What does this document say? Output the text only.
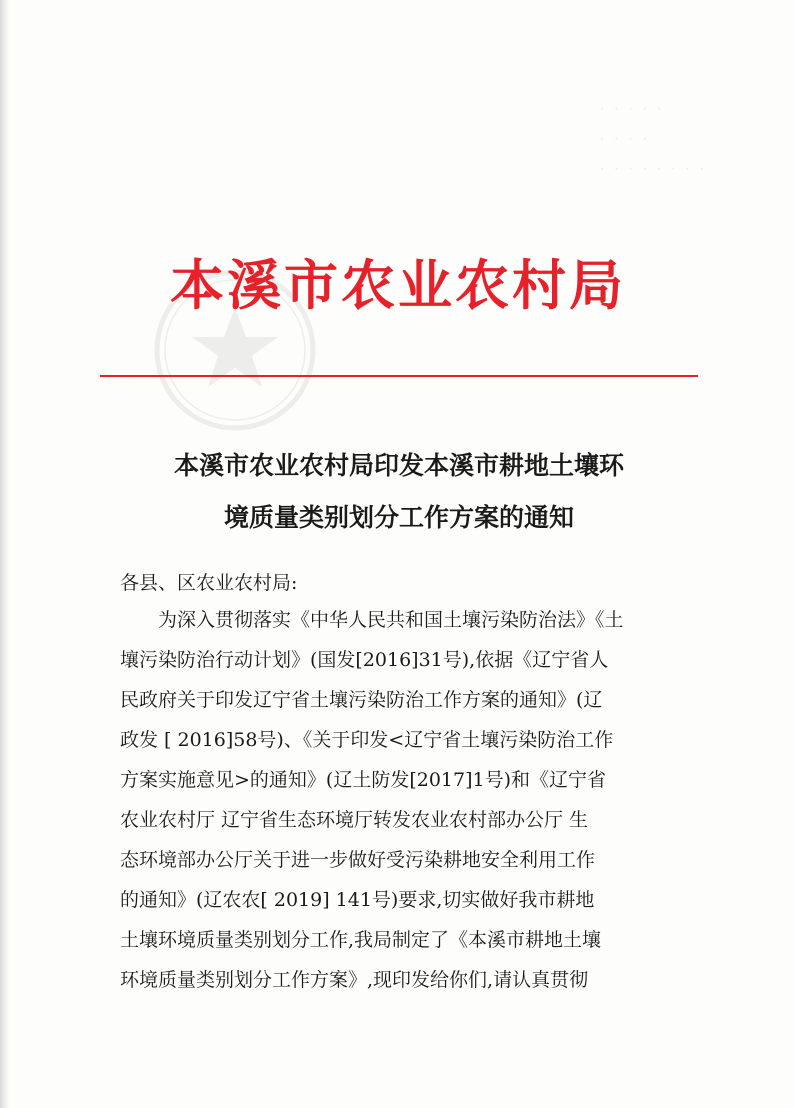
· · · · ·
· · · ·
· · · · · · · ·
本溪市农业农村局
本溪市农业农村局印发本溪市耕地土壤环
境质量类别划分工作方案的通知
各县、区农业农村局:
为深入贯彻落实《中华人民共和国土壤污染防治法》《土
壤污染防治行动计划》(国发[2016]31号),依据《辽宁省人
民政府关于印发辽宁省土壤污染防治工作方案的通知》(辽
政发 [ 2016]58号)、《关于印发<辽宁省土壤污染防治工作
方案实施意见>的通知》(辽土防发[2017]1号)和《辽宁省
农业农村厅 辽宁省生态环境厅转发农业农村部办公厅 生
态环境部办公厅关于进一步做好受污染耕地安全利用工作
的通知》(辽农农[ 2019] 141号)要求,切实做好我市耕地
土壤环境质量类别划分工作,我局制定了《本溪市耕地土壤
环境质量类别划分工作方案》,现印发给你们,请认真贯彻
